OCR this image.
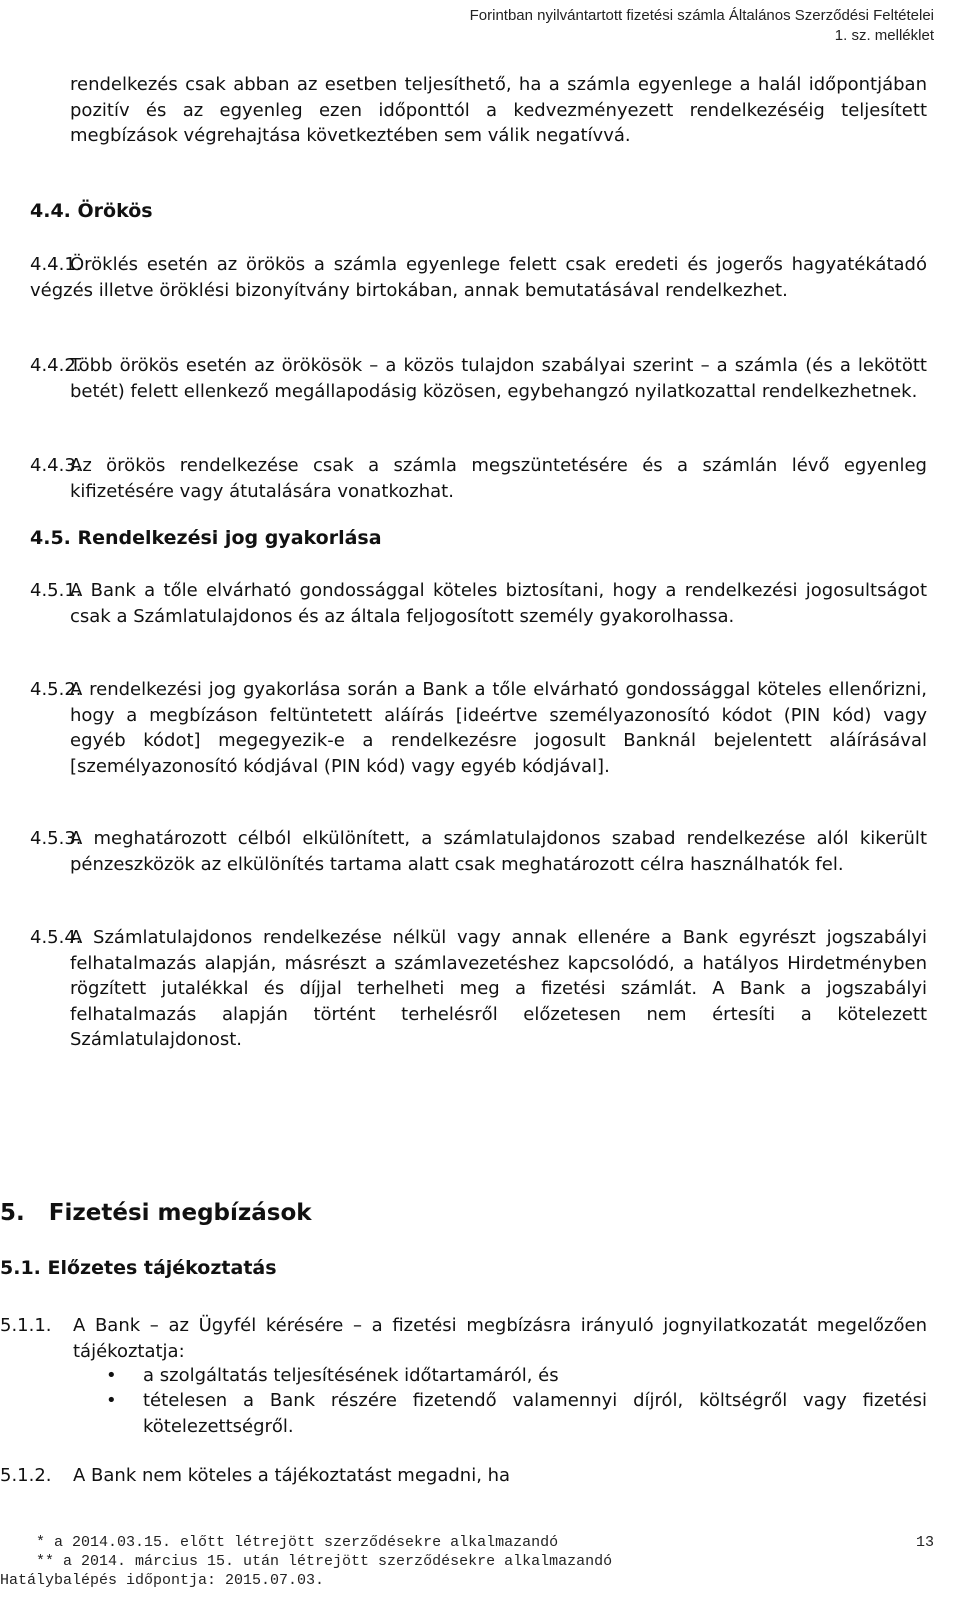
Forintban nyilvántartott fizetési számla Általános Szerződési Feltételei
1. sz. melléklet
rendelkezés csak abban az esetben teljesíthető, ha a számla egyenlege a halál időpontjában pozitív és az egyenleg ezen időponttól a kedvezményezett rendelkezéséig teljesített megbízások végrehajtása következtében sem válik negatívvá.
4.4. Örökös
4.4.1.
Öröklés esetén az örökös a számla egyenlege felett csak eredeti és jogerős hagyatékátadó végzés illetve öröklési bizonyítvány birtokában, annak bemutatásával rendelkezhet.
4.4.2.
Több örökös esetén az örökösök – a közös tulajdon szabályai szerint – a számla (és a lekötött betét) felett ellenkező megállapodásig közösen, egybehangzó nyilatkozattal rendelkezhetnek.
4.4.3.
Az örökös rendelkezése csak a számla megszüntetésére és a számlán lévő egyenleg kifizetésére vagy átutalására vonatkozhat.
4.5. Rendelkezési jog gyakorlása
4.5.1.
A Bank a tőle elvárható gondossággal köteles biztosítani, hogy a rendelkezési jogosultságot csak a Számlatulajdonos és az általa feljogosított személy gyakorolhassa.
4.5.2.
A rendelkezési jog gyakorlása során a Bank a tőle elvárható gondossággal köteles ellenőrizni, hogy a megbízáson feltüntetett aláírás [ideértve személyazonosító kódot (PIN kód) vagy egyéb kódot] megegyezik-e a rendelkezésre jogosult Banknál bejelentett aláírásával [személyazonosító kódjával (PIN kód) vagy egyéb kódjával].
4.5.3.
A meghatározott célból elkülönített, a számlatulajdonos szabad rendelkezése alól kikerült pénzeszközök az elkülönítés tartama alatt csak meghatározott célra használhatók fel.
4.5.4.
A Számlatulajdonos rendelkezése nélkül vagy annak ellenére a Bank egyrészt jogszabályi felhatalmazás alapján, másrészt a számlavezetéshez kapcsolódó, a hatályos Hirdetményben rögzített jutalékkal és díjjal terhelheti meg a fizetési számlát. A Bank a jogszabályi felhatalmazás alapján történt terhelésről előzetesen nem értesíti a kötelezett Számlatulajdonost.
5.   Fizetési megbízások
5.1. Előzetes tájékoztatás
5.1.1. A Bank – az Ügyfél kérésére – a fizetési megbízásra irányuló jognyilatkozatát megelőzően tájékoztatja:
• a szolgáltatás teljesítésének időtartamáról, és
• tételesen a Bank részére fizetendő valamennyi díjról, költségről vagy fizetési kötelezettségről.
5.1.2. A Bank nem köteles a tájékoztatást megadni, ha
* a 2014.03.15. előtt létrejött szerződésekre alkalmazandó
** a 2014. március 15. után létrejött szerződésekre alkalmazandó
Hatálybalépés időpontja: 2015.07.03.
13
